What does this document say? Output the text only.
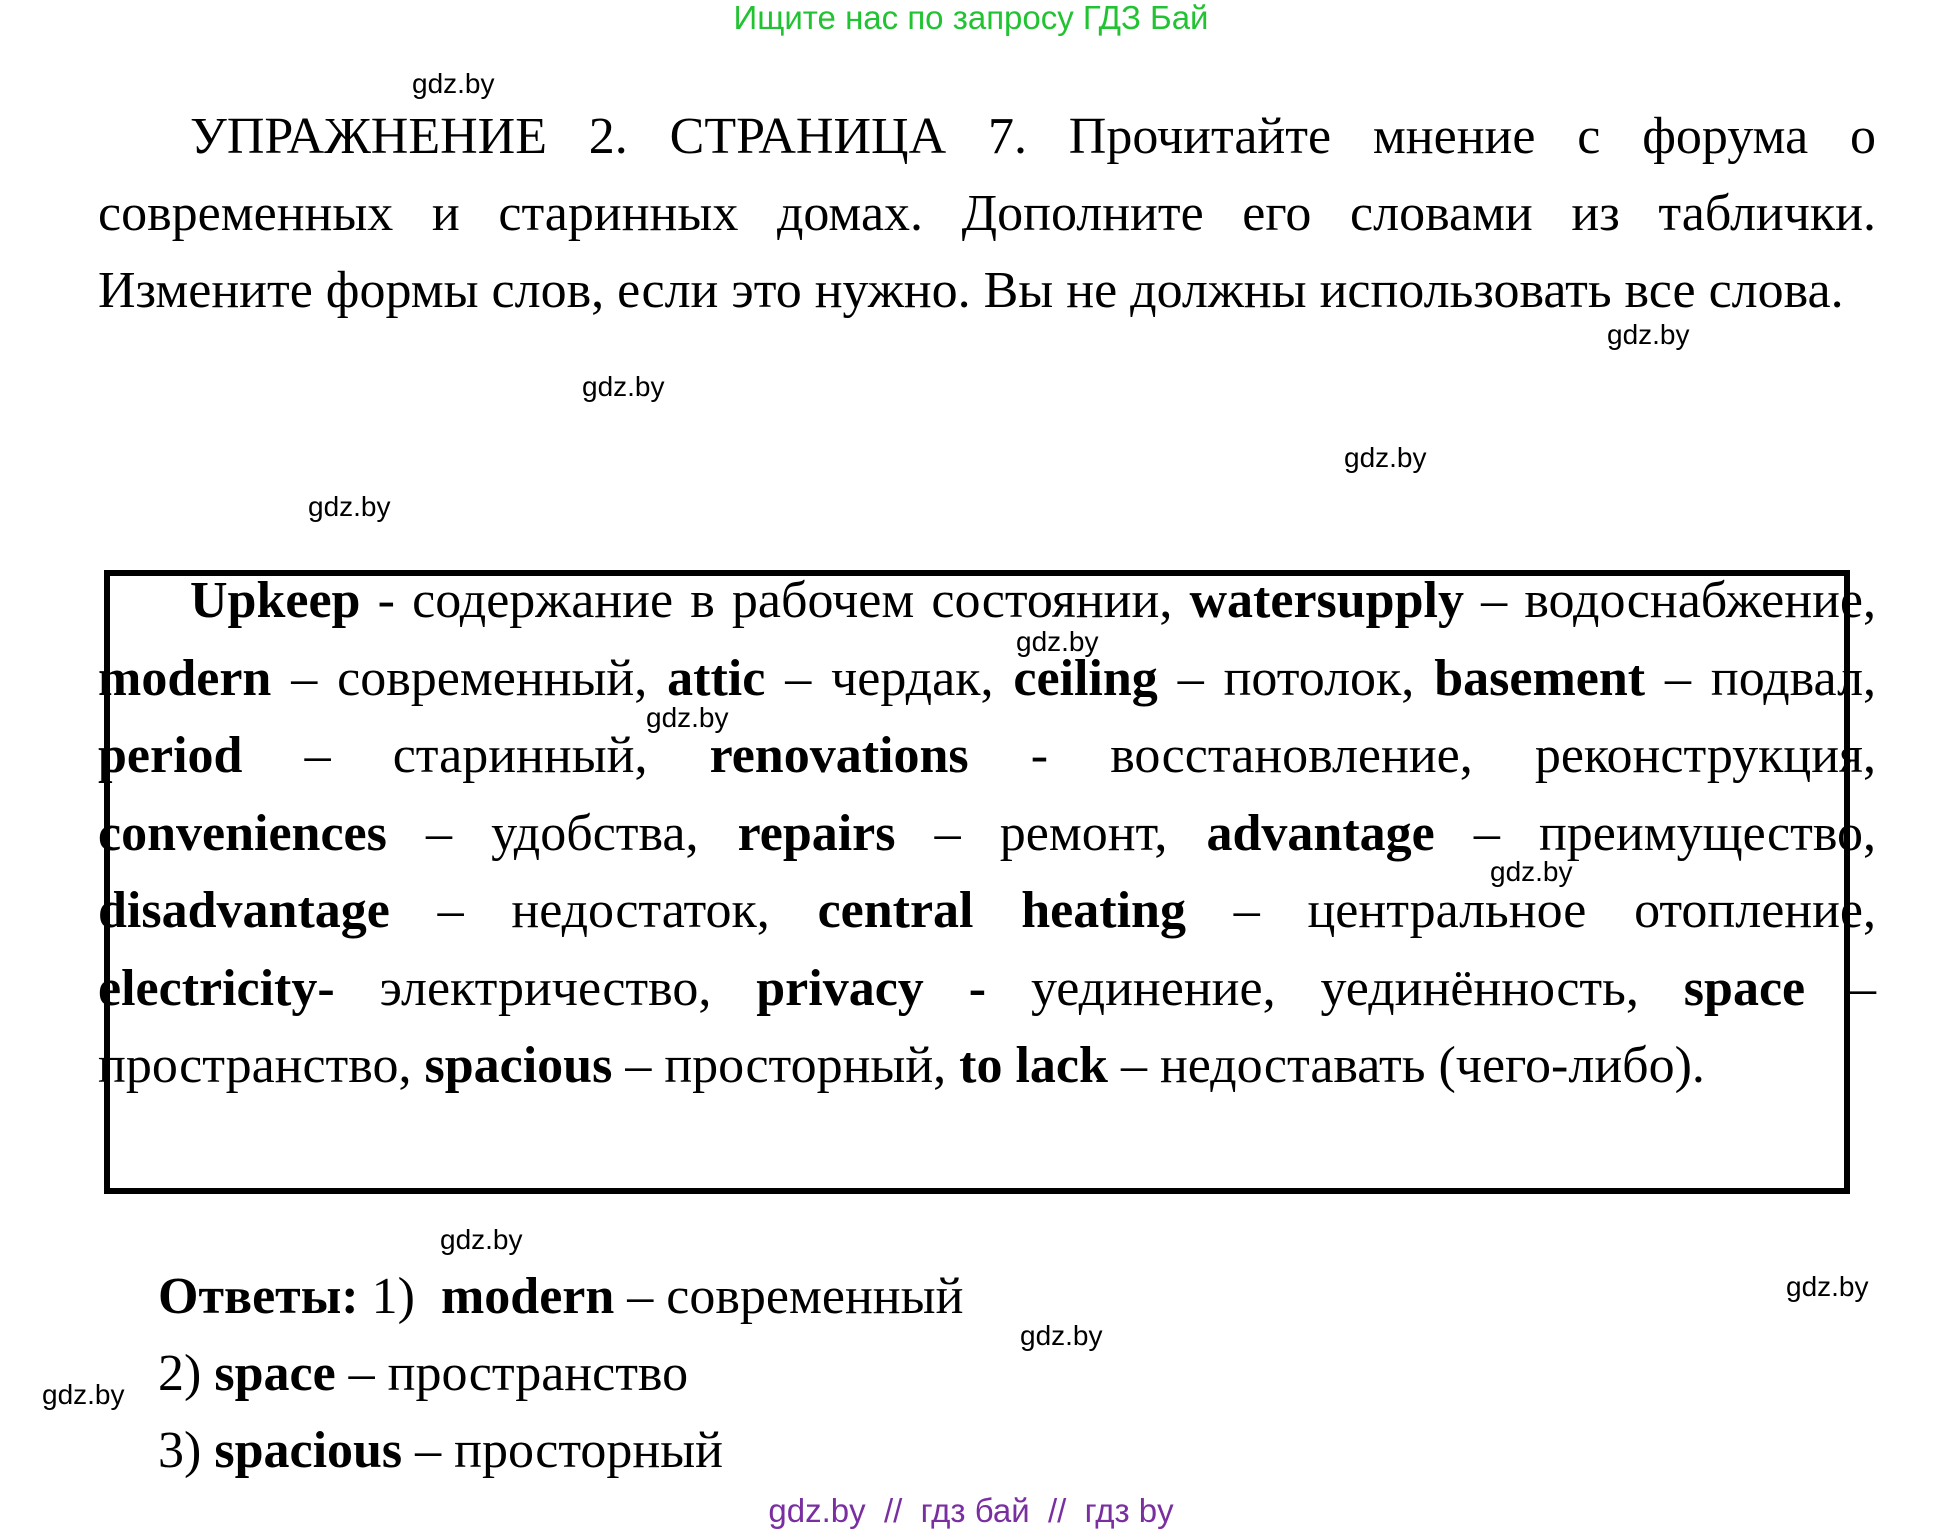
Ищите нас по запросу ГДЗ Бай
gdz.by
УПРАЖНЕНИЕ 2. СТРАНИЦА 7. Прочитайте мнение с форума о современных и старинных домах. Дополните его словами из таблички. Измените формы слов, если это нужно. Вы не должны использовать все слова.
gdz.by
gdz.by
gdz.by
gdz.by
Upkeep - содержание в рабочем состоянии, watersupply – водоснабжение, modern – современный, attic – чердак, ceiling – потолок, basement – подвал, period – старинный, renovations - восстановление, реконструкция, conveniences – удобства, repairs – ремонт, advantage – преимущество, disadvantage – недостаток, central heating – центральное отопление, electricity- электричество, privacy - уединение, уединённость, space – пространство, spacious – просторный, to lack – недоставать (чего-либо).
gdz.by
gdz.by
gdz.by
gdz.by
gdz.by
gdz.by
gdz.by
Ответы: 1) modern – современный
2) space – пространство
3) spacious – просторный
gdz.by  //  гдз бай  //  гдз by
